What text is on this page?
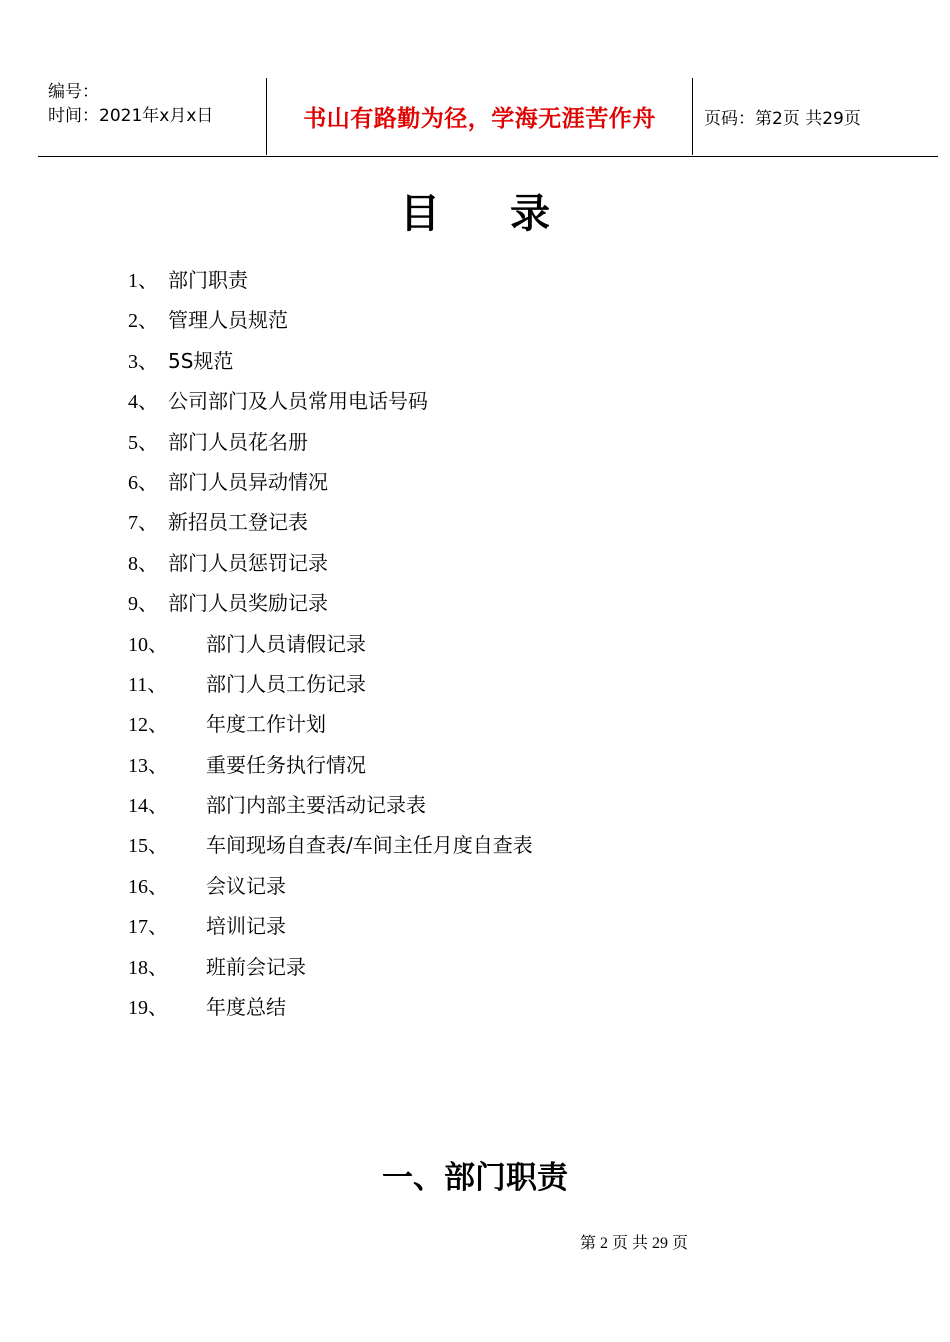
编号：
时间：2021年x月x日	书山有路勤为径，学海无涯苦作舟	页码：第2页 共29页
目录
1、 部门职责
2、 管理人员规范
3、 5S规范
4、 公司部门及人员常用电话号码
5、 部门人员花名册
6、 部门人员异动情况
7、 新招员工登记表
8、 部门人员惩罚记录
9、 部门人员奖励记录
10、 部门人员请假记录
11、 部门人员工伤记录
12、 年度工作计划
13、 重要任务执行情况
14、 部门内部主要活动记录表
15、 车间现场自查表/车间主任月度自查表
16、 会议记录
17、 培训记录
18、 班前会记录
19、 年度总结
一、部门职责
第 2 页 共 29 页
